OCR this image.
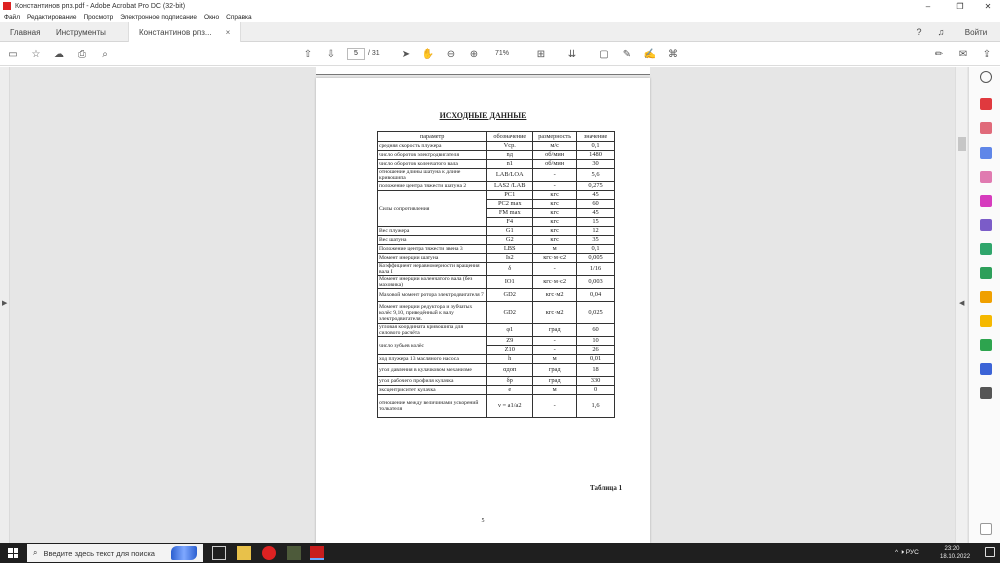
Константинов рпз.pdf - Adobe Acrobat Pro DC (32-bit)	–	❐	✕
Файл Редактирование Просмотр Электронное подписание Окно Справка
Главная Инструменты	Константинов рпз... ×	?	♫	Войти
▭ ☆ ☁	⎙	⌕	⇧ ⇩	5	/ 31 ➤ ✋ ⊖ ⊕	71%	⊞ ⇊ ▢ ✎ ✍ ⌘	✏ ✉ ⇪
▶
ИСХОДНЫЕ ДАННЫЕ
параметр	обозначение	размерность	значение
средняя скорость плужера	Vср.	м/с	0,1
число оборотов электродвигателя	nд	об/мин	1480
число оборотов коленчатого вала	n1	об/мин	30
отношение длины шатуна к длине кривошипа	LAB/LOA	-	5,6
положение центра тяжести шатуна 2	LAS2 /LAB	-	0,275
Силы сопротивления	PC1	кгс	45
	PC2 max	кгс	60
	FM max	кгс	45
	F4	кгс	15
Вес плужера	G1	кгс	12
Вес шатуна	G2	кгс	35
Положение центра тяжести звена 3	LBS	м	0,1
Момент инерции шатуна	Is2	кгс·м·с2	0,005
Коэффициент неравномерности вращения вала I	δ	-	1/16
Момент инерции коленчатого вала (без маховика)	IO1	кгс·м·с2	0,003
Маховой момент ротора электродвигателя 7	GD2	кгс·м2	0,04
Момент инерции редуктора и зубчатых колёс 9,10, приведённый к валу электродвигателя.	GD2	кгс·м2	0,025
угловая координата кривошипа для силового расчёта	φ1	град	60
число зубьев колёс	Z9	-	10
	Z10	-	26
ход плужера 13 масляного насоса	h	м	0,01
угол давления в кулачковом механизме	αдоп	град	18
угол рабочего профиля кулачка	δр	град	330
эксцентриситет кулачка	e	м	0
отношение между величинами ускорений толкателя	ν = a1/a2	-	1,6
Таблица 1
5
◀
⌕ Введите здесь текст для поиска	^ 🕨 РУС	23:20
18.10.2022
